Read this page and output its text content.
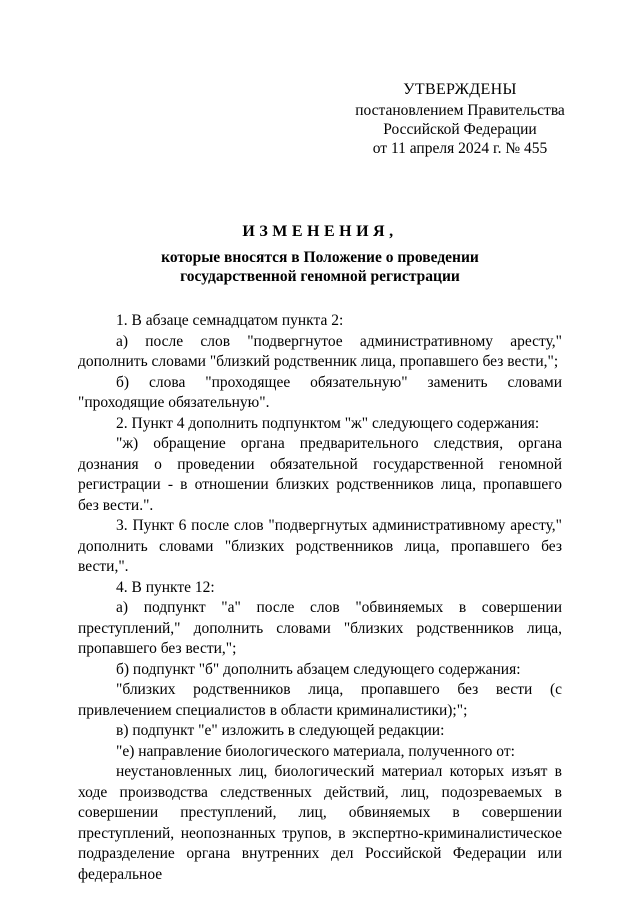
УТВЕРЖДЕНЫ
постановлением Правительства
Российской Федерации
от 11 апреля 2024 г. № 455
ИЗМЕНЕНИЯ,
которые вносятся в Положение о проведении
государственной геномной регистрации

1. В абзаце семнадцатом пункта 2:

а) после слов "подвергнутое административному аресту," дополнить словами "близкий родственник лица, пропавшего без вести,";

б) слова "проходящее обязательную" заменить словами "проходящие обязательную".

2. Пункт 4 дополнить подпунктом "ж" следующего содержания:

"ж) обращение органа предварительного следствия, органа дознания о проведении обязательной государственной геномной регистрации - в отношении близких родственников лица, пропавшего без вести.".

3. Пункт 6 после слов "подвергнутых административному аресту," дополнить словами "близких родственников лица, пропавшего без вести,".

4. В пункте 12:

а) подпункт "а" после слов "обвиняемых в совершении преступлений," дополнить словами "близких родственников лица, пропавшего без вести,";

б) подпункт "б" дополнить абзацем следующего содержания:

"близких родственников лица, пропавшего без вести (с привлечением специалистов в области криминалистики);";

в) подпункт "е" изложить в следующей редакции:

"е) направление биологического материала, полученного от:

неустановленных лиц, биологический материал которых изъят в ходе производства следственных действий, лиц, подозреваемых в совершении преступлений, лиц, обвиняемых в совершении преступлений, неопознанных трупов, в экспертно-криминалистическое подразделение органа внутренних дел Российской Федерации или федеральное
